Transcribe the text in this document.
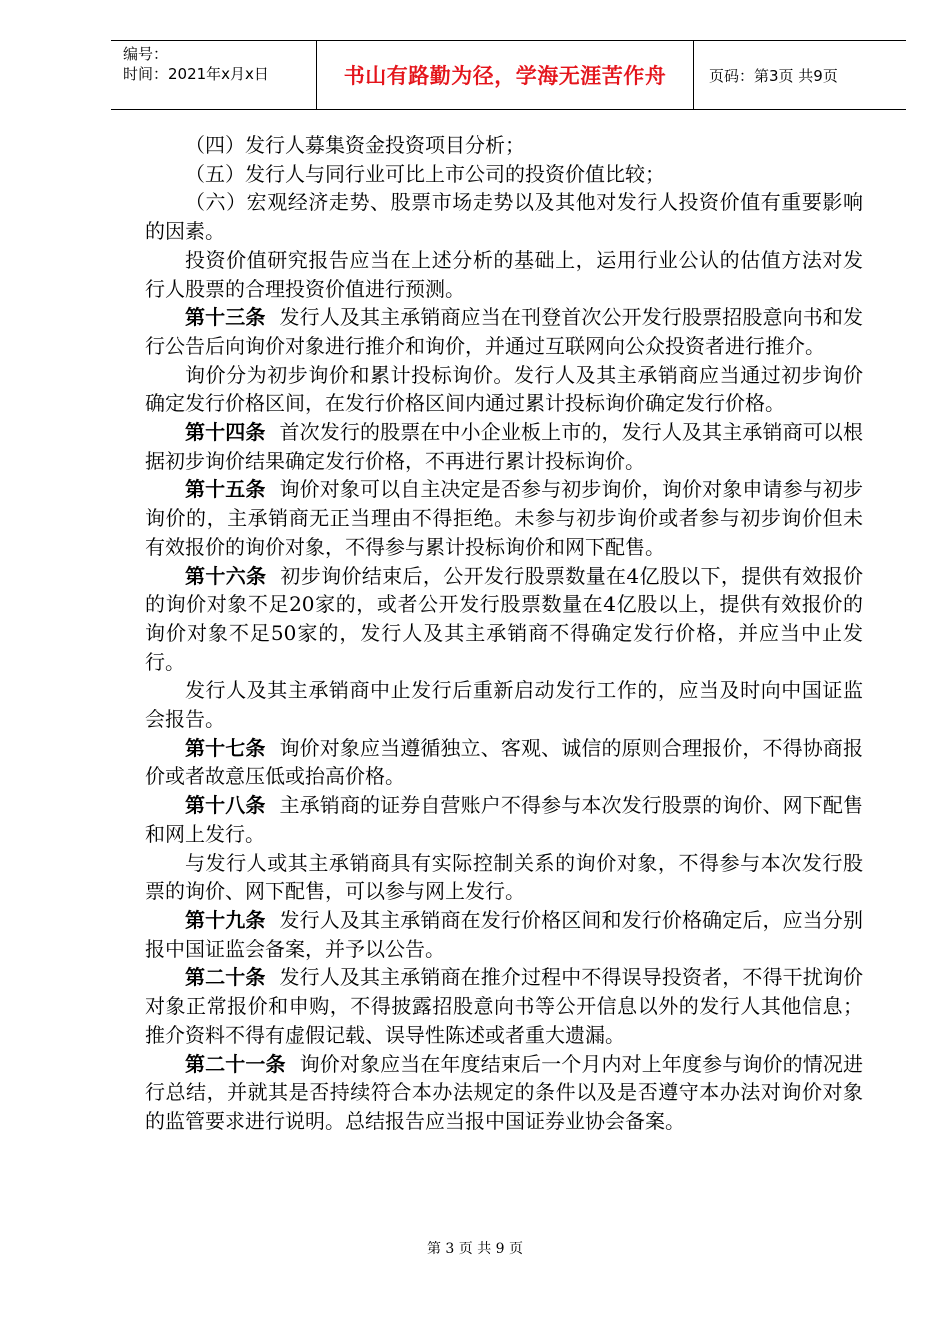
编号：
时间：2021年x月x日	书山有路勤为径，学海无涯苦作舟	页码：第3页 共9页

（四）发行人募集资金投资项目分析；

（五）发行人与同行业可比上市公司的投资价值比较；

（六）宏观经济走势、股票市场走势以及其他对发行人投资价值有重要影响的因素。

投资价值研究报告应当在上述分析的基础上，运用行业公认的估值方法对发行人股票的合理投资价值进行预测。

第十三条 发行人及其主承销商应当在刊登首次公开发行股票招股意向书和发行公告后向询价对象进行推介和询价，并通过互联网向公众投资者进行推介。

询价分为初步询价和累计投标询价。发行人及其主承销商应当通过初步询价确定发行价格区间，在发行价格区间内通过累计投标询价确定发行价格。

第十四条 首次发行的股票在中小企业板上市的，发行人及其主承销商可以根据初步询价结果确定发行价格，不再进行累计投标询价。

第十五条 询价对象可以自主决定是否参与初步询价，询价对象申请参与初步询价的，主承销商无正当理由不得拒绝。未参与初步询价或者参与初步询价但未有效报价的询价对象，不得参与累计投标询价和网下配售。

第十六条 初步询价结束后，公开发行股票数量在4亿股以下，提供有效报价的询价对象不足20家的，或者公开发行股票数量在4亿股以上，提供有效报价的询价对象不足50家的，发行人及其主承销商不得确定发行价格，并应当中止发行。

发行人及其主承销商中止发行后重新启动发行工作的，应当及时向中国证监会报告。

第十七条 询价对象应当遵循独立、客观、诚信的原则合理报价，不得协商报价或者故意压低或抬高价格。

第十八条 主承销商的证券自营账户不得参与本次发行股票的询价、网下配售和网上发行。

与发行人或其主承销商具有实际控制关系的询价对象，不得参与本次发行股票的询价、网下配售，可以参与网上发行。

第十九条 发行人及其主承销商在发行价格区间和发行价格确定后，应当分别报中国证监会备案，并予以公告。

第二十条 发行人及其主承销商在推介过程中不得误导投资者，不得干扰询价对象正常报价和申购，不得披露招股意向书等公开信息以外的发行人其他信息；推介资料不得有虚假记载、误导性陈述或者重大遗漏。

第二十一条 询价对象应当在年度结束后一个月内对上年度参与询价的情况进行总结，并就其是否持续符合本办法规定的条件以及是否遵守本办法对询价对象的监管要求进行说明。总结报告应当报中国证券业协会备案。

第 3 页 共 9 页
